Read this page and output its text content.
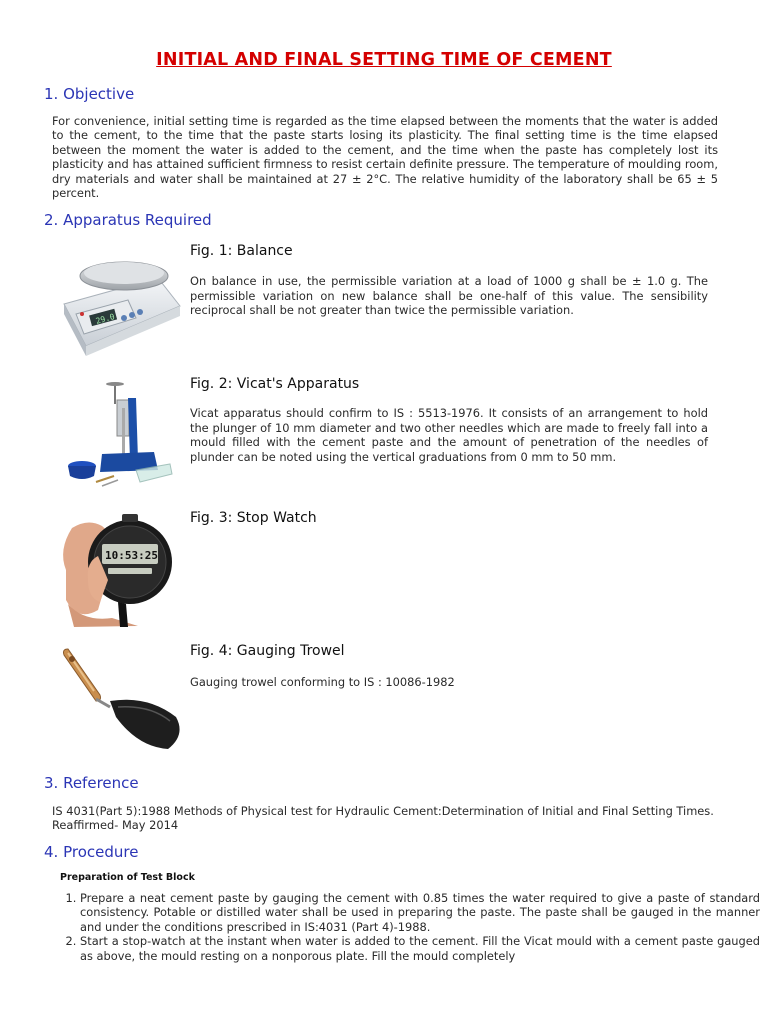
INITIAL AND FINAL SETTING TIME OF CEMENT
1. Objective

For convenience, initial setting time is regarded as the time elapsed between the moments that the water is added to the cement, to the time that the paste starts losing its plasticity. The final setting time is the time elapsed between the moment the water is added to the cement, and the time when the paste has completely lost its plasticity and has attained sufficient firmness to resist certain definite pressure. The temperature of moulding room, dry materials and water shall be maintained at 27 ± 2°C. The relative humidity of the laboratory shall be 65 ± 5 percent.

2. Apparatus Required
29.0
Fig. 1: Balance

On balance in use, the permissible variation at a load of 1000 g shall be ± 1.0 g. The permissible variation on new balance shall be one-half of this value. The sensibility reciprocal shall be not greater than twice the permissible variation.

Fig. 2: Vicat's Apparatus

Vicat apparatus should confirm to IS : 5513-1976. It consists of an arrangement to hold the plunger of 10 mm diameter and two other needles which are made to freely fall into a mould filled with the cement paste and the amount of penetration of the needles of plunder can be noted using the vertical graduations from 0 mm to 50 mm.

10:53:25
Fig. 3: Stop Watch
Fig. 4: Gauging Trowel

Gauging trowel conforming to IS : 10086-1982

3. Reference

IS 4031(Part 5):1988 Methods of Physical test for Hydraulic Cement:Determination of Initial and Final Setting Times. Reaffirmed- May 2014

4. Procedure
Preparation of Test Block
1. Prepare a neat cement paste by gauging the cement with 0.85 times the water required to give a paste of standard consistency. Potable or distilled water shall be used in preparing the paste. The paste shall be gauged in the manner and under the conditions prescribed in IS:4031 (Part 4)-1988.
2. Start a stop-watch at the instant when water is added to the cement. Fill the Vicat mould with a cement paste gauged as above, the mould resting on a nonporous plate. Fill the mould completely
